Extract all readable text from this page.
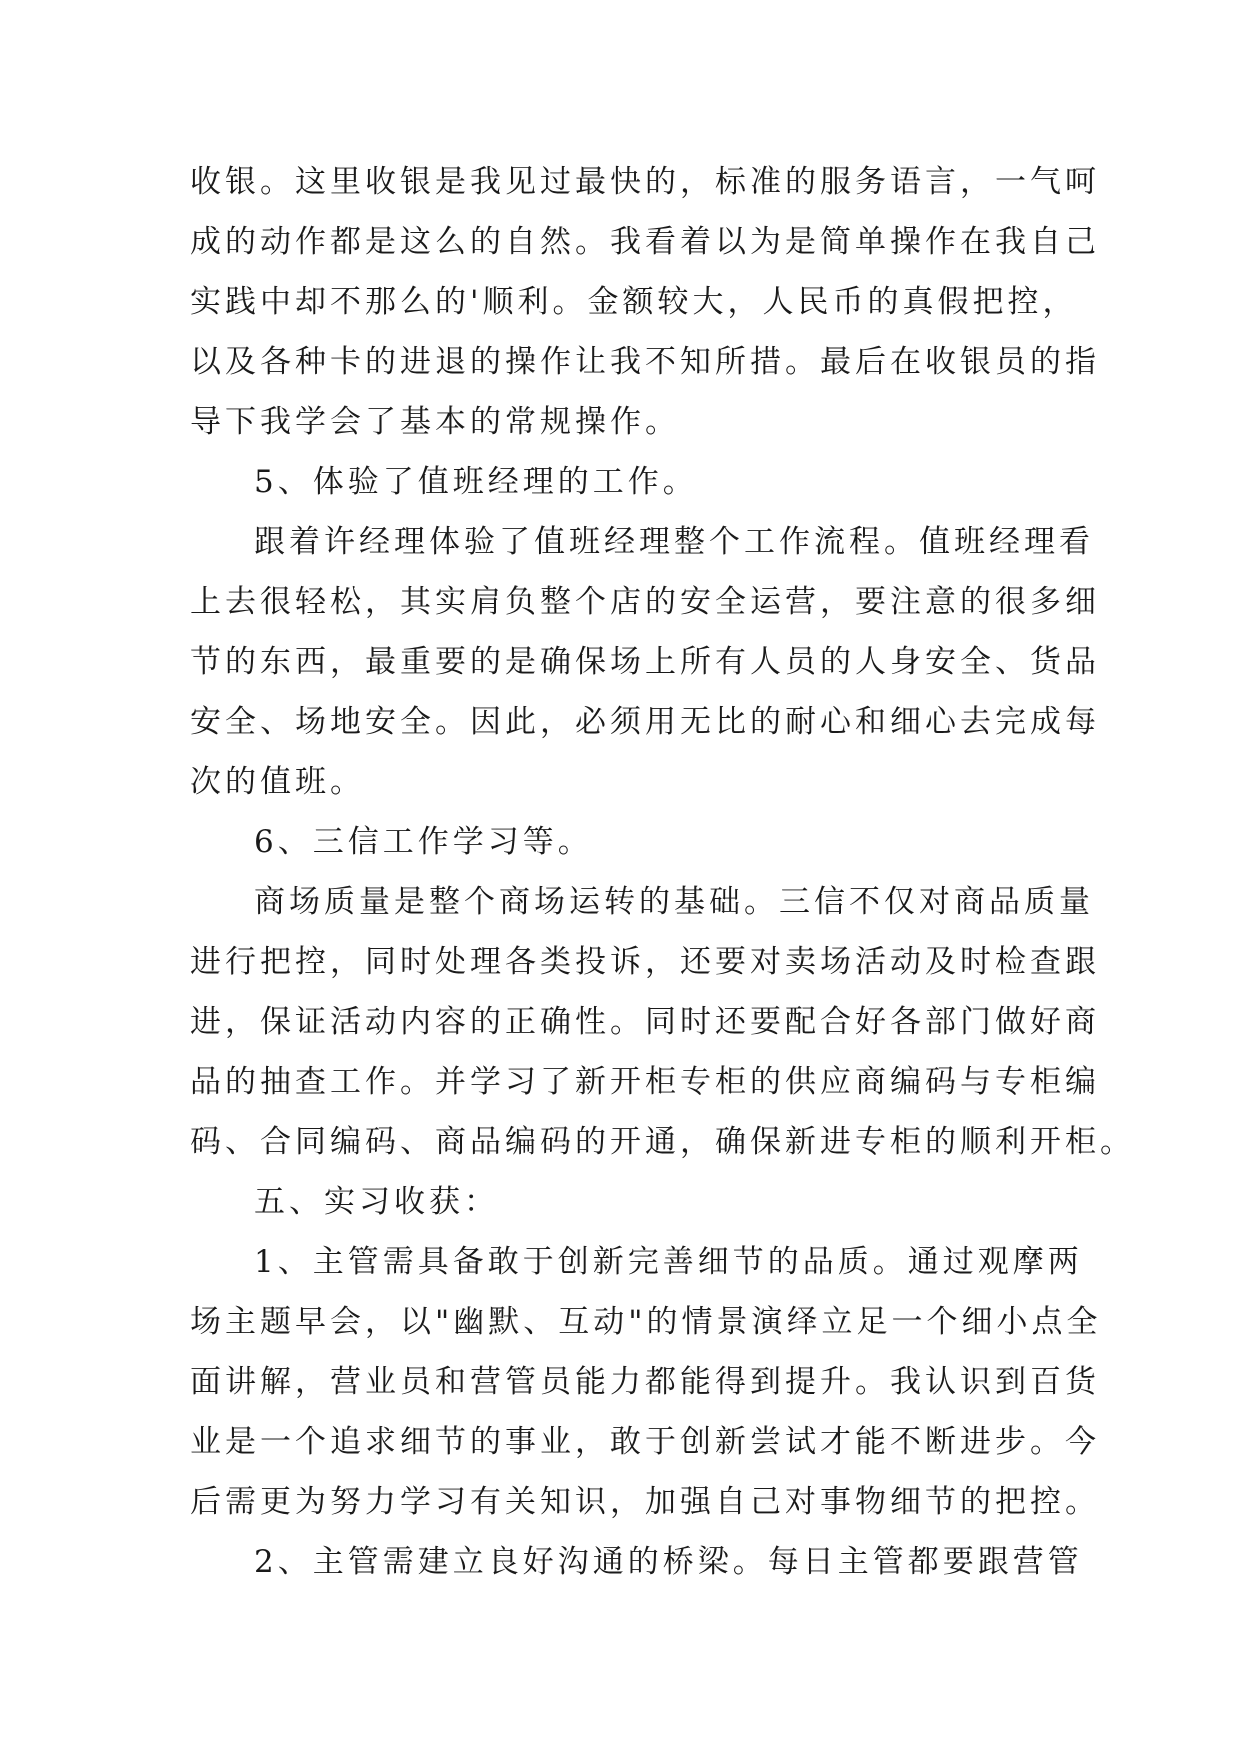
收银。这里收银是我见过最快的，标准的服务语言，一气呵
成的动作都是这么的自然。我看着以为是简单操作在我自己
实践中却不那么的'顺利。金额较大，人民币的真假把控，
以及各种卡的进退的操作让我不知所措。最后在收银员的指
导下我学会了基本的常规操作。
5、体验了值班经理的工作。
跟着许经理体验了值班经理整个工作流程。值班经理看
上去很轻松，其实肩负整个店的安全运营，要注意的很多细
节的东西，最重要的是确保场上所有人员的人身安全、货品
安全、场地安全。因此，必须用无比的耐心和细心去完成每
次的值班。
6、三信工作学习等。
商场质量是整个商场运转的基础。三信不仅对商品质量
进行把控，同时处理各类投诉，还要对卖场活动及时检查跟
进，保证活动内容的正确性。同时还要配合好各部门做好商
品的抽查工作。并学习了新开柜专柜的供应商编码与专柜编
码、合同编码、商品编码的开通，确保新进专柜的顺利开柜。
五、实习收获：
1、主管需具备敢于创新完善细节的品质。通过观摩两
场主题早会，以"幽默、互动"的情景演绎立足一个细小点全
面讲解，营业员和营管员能力都能得到提升。我认识到百货
业是一个追求细节的事业，敢于创新尝试才能不断进步。今
后需更为努力学习有关知识，加强自己对事物细节的把控。
2、主管需建立良好沟通的桥梁。每日主管都要跟营管
